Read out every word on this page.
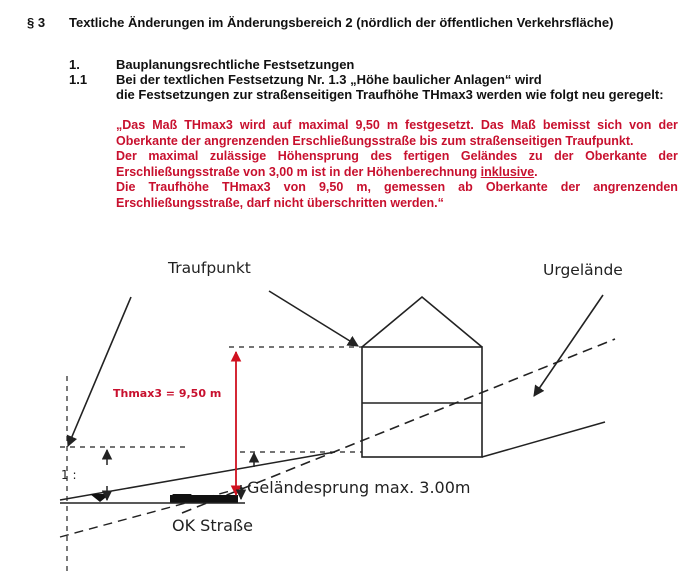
§ 3 Textliche Änderungen im Änderungsbereich 2 (nördlich der öffentlichen Verkehrsfläche)
1.	Bauplanungsrechtliche Festsetzungen
1.1 Bei der textlichen Festsetzung Nr. 1.3 „Höhe baulicher Anlagen“ wird
die Festsetzungen zur straßenseitigen Traufhöhe THmax3 werden wie folgt neu geregelt:
„Das Maß THmax3 wird auf maximal 9,50 m festgesetzt. Das Maß bemisst sich von der
Oberkante der angrenzenden Erschließungsstraße bis zum straßenseitigen Traufpunkt.
Der maximal zulässige Höhensprung des fertigen Geländes zu der Oberkante der
Erschließungsstraße von 3,00 m ist in der Höhenberechnung inklusive .
Die Traufhöhe THmax3 von 9,50 m, gemessen ab Oberkante der angrenzenden
Erschließungsstraße, darf nicht überschritten werden.“
Traufpunkt	Urgelände
Thmax3 = 9,50 m
Geländesprung max. 3.00m
OK Straße
1 :
